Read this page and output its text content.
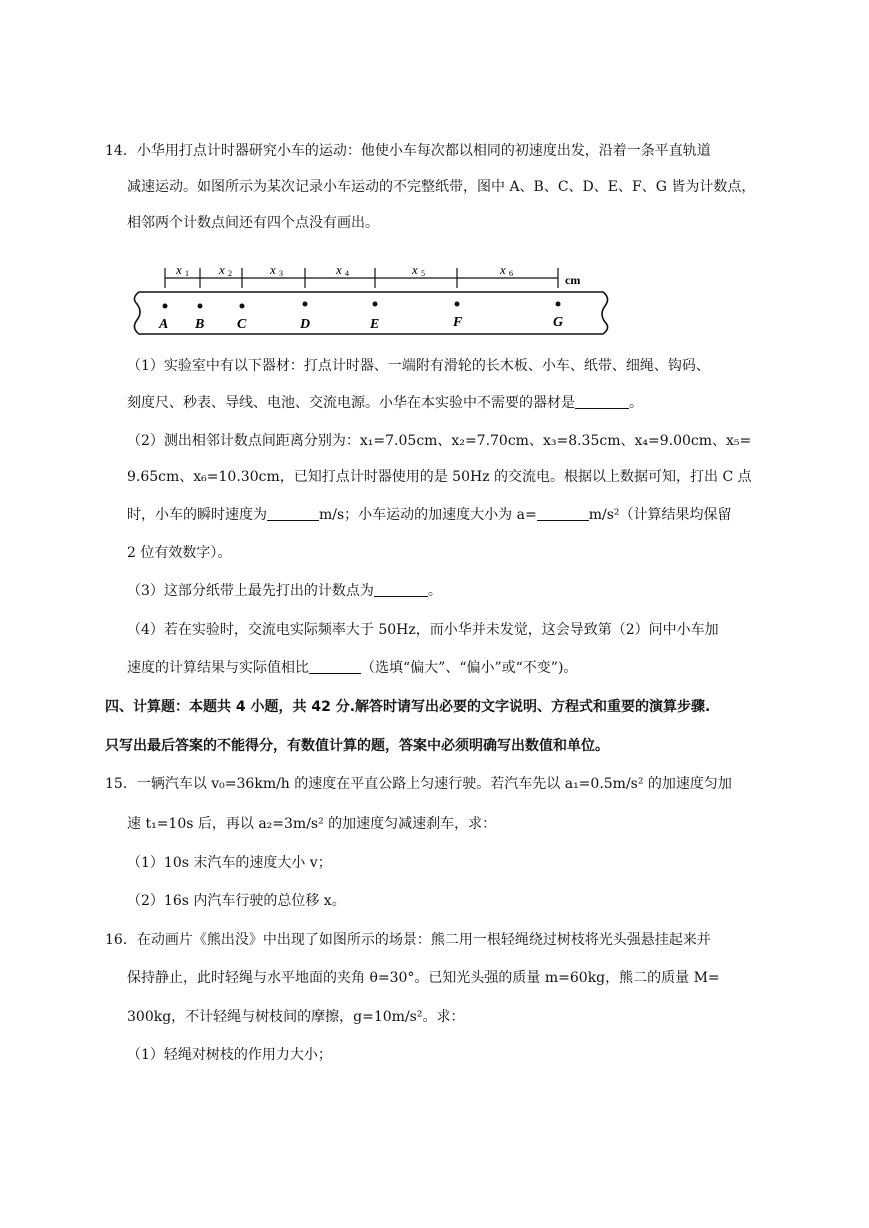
14．小华用打点计时器研究小车的运动：他使小车每次都以相同的初速度出发，沿着一条平直轨道
减速运动。如图所示为某次记录小车运动的不完整纸带，图中 A、B、C、D、E、F、G 皆为计数点，
相邻两个计数点间还有四个点没有画出。
x 1 x 2	x 3	x 4	x 5	x 6	cm
A B C	D	E	F	G
（1）实验室中有以下器材：打点计时器、一端附有滑轮的长木板、小车、纸带、细绳、钩码、
刻度尺、秒表、导线、电池、交流电源。小华在本实验中不需要的器材是	。
（2）测出相邻计数点间距离分别为：x₁=7.05cm、x₂=7.70cm、x₃=8.35cm、x₄=9.00cm、x₅=
9.65cm、x₆=10.30cm，已知打点计时器使用的是 50Hz 的交流电。根据以上数据可知，打出 C 点
时，小车的瞬时速度为	m/s；小车运动的加速度大小为 a=	m/s²（计算结果均保留
2 位有效数字）。
（3）这部分纸带上最先打出的计数点为	。
（4）若在实验时，交流电实际频率大于 50Hz，而小华并未发觉，这会导致第（2）问中小车加
速度的计算结果与实际值相比	（选填“偏大”、“偏小”或“不变”)。
四、计算题：本题共 4 小题，共 42 分.解答时请写出必要的文字说明、方程式和重要的演算步骤.
只写出最后答案的不能得分，有数值计算的题，答案中必须明确写出数值和单位。
15．一辆汽车以 v₀=36km/h 的速度在平直公路上匀速行驶。若汽车先以 a₁=0.5m/s² 的加速度匀加
速 t₁=10s 后，再以 a₂=3m/s² 的加速度匀减速刹车，求：
（1）10s 末汽车的速度大小 v；
（2）16s 内汽车行驶的总位移 x。
16．在动画片《熊出没》中出现了如图所示的场景：熊二用一根轻绳绕过树枝将光头强悬挂起来并
保持静止，此时轻绳与水平地面的夹角 θ=30°。已知光头强的质量 m=60kg，熊二的质量 M=
300kg，不计轻绳与树枝间的摩擦，g=10m/s²。求：
（1）轻绳对树枝的作用力大小；
